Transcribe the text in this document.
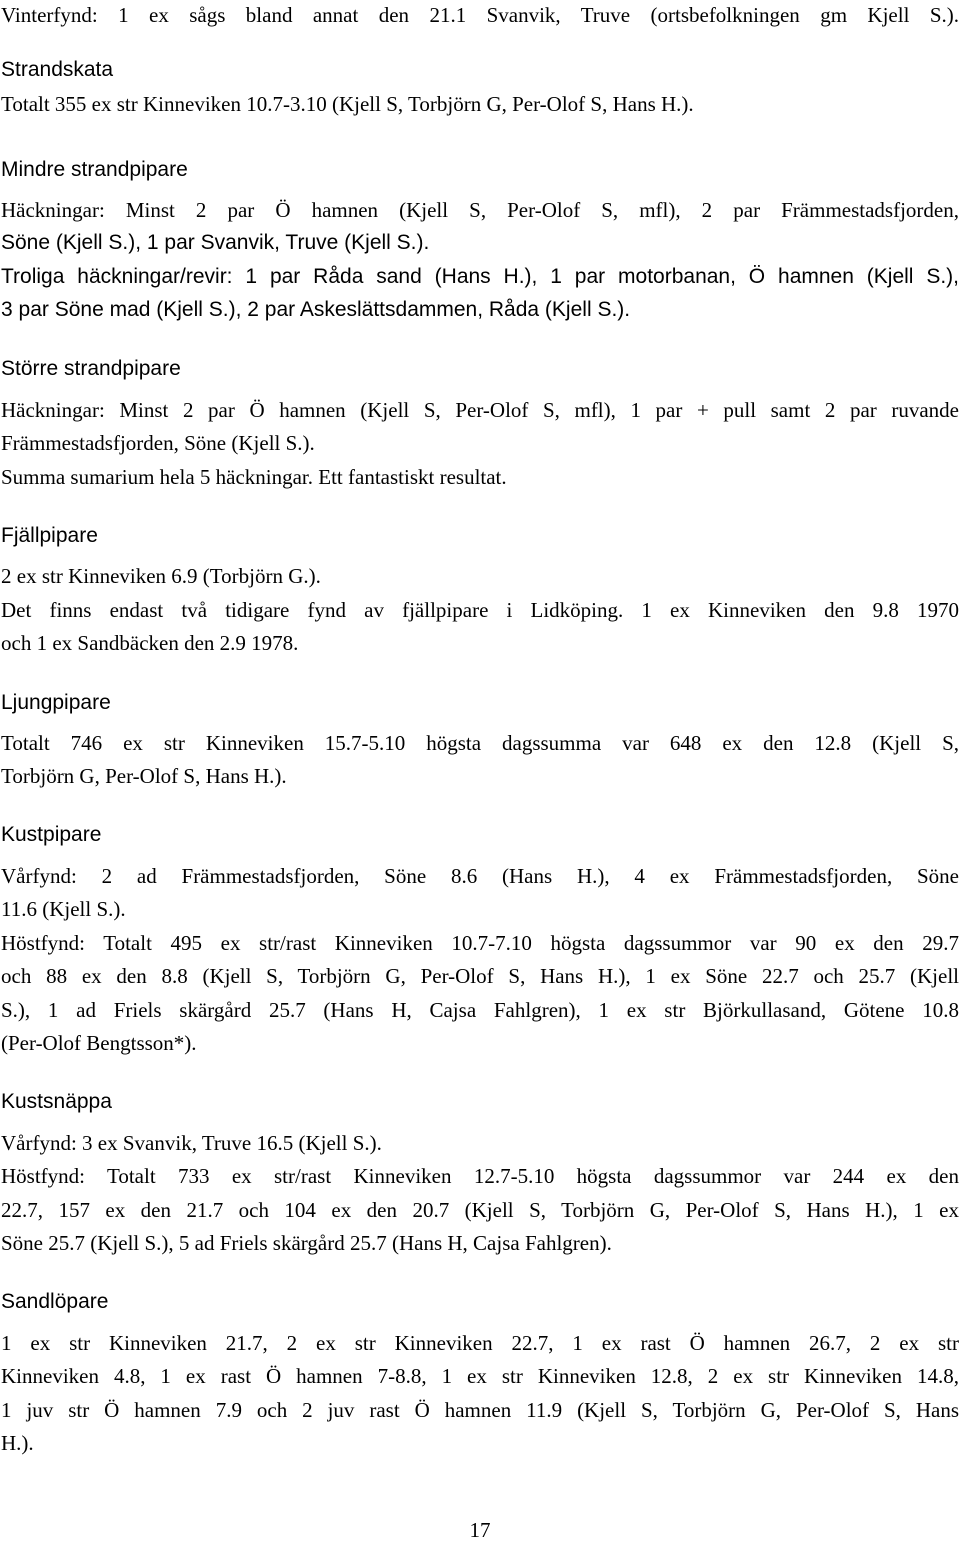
Vinterfynd: 1 ex sågs bland annat den 21.1 Svanvik, Truve (ortsbefolkningen gm Kjell S.).

Strandskata

Totalt 355 ex str Kinneviken 10.7-3.10 (Kjell S, Torbjörn G, Per-Olof S, Hans H.).

Mindre strandpipare

Häckningar: Minst 2 par Ö hamnen (Kjell S, Per-Olof S, mfl), 2 par Främmestadsfjorden,

Söne (Kjell S.), 1 par Svanvik, Truve (Kjell S.).

Troliga häckningar/revir: 1 par Råda sand (Hans H.), 1 par motorbanan, Ö hamnen (Kjell S.),

3 par Söne mad (Kjell S.), 2 par Askeslättsdammen, Råda (Kjell S.).

Större strandpipare

Häckningar: Minst 2 par Ö hamnen (Kjell S, Per-Olof S, mfl), 1 par + pull samt 2 par ruvande

Främmestadsfjorden, Söne (Kjell S.).

Summa sumarium hela 5 häckningar. Ett fantastiskt resultat.

Fjällpipare

2 ex str Kinneviken 6.9 (Torbjörn G.).

Det finns endast två tidigare fynd av fjällpipare i Lidköping. 1 ex Kinneviken den 9.8 1970

och 1 ex Sandbäcken den 2.9 1978.

Ljungpipare

Totalt 746 ex str Kinneviken 15.7-5.10 högsta dagssumma var 648 ex den 12.8 (Kjell S,

Torbjörn G, Per-Olof S, Hans H.).

Kustpipare

Vårfynd: 2 ad Främmestadsfjorden, Söne 8.6 (Hans H.), 4 ex Främmestadsfjorden, Söne

11.6 (Kjell S.).

Höstfynd: Totalt 495 ex str/rast Kinneviken 10.7-7.10 högsta dagssummor var 90 ex den 29.7

och 88 ex den 8.8 (Kjell S, Torbjörn G, Per-Olof S, Hans H.), 1 ex Söne 22.7 och 25.7 (Kjell

S.), 1 ad Friels skärgård 25.7 (Hans H, Cajsa Fahlgren), 1 ex str Björkullasand, Götene 10.8

(Per-Olof Bengtsson*).

Kustsnäppa

Vårfynd: 3 ex Svanvik, Truve 16.5 (Kjell S.).

Höstfynd: Totalt 733 ex str/rast Kinneviken 12.7-5.10 högsta dagssummor var 244 ex den

22.7, 157 ex den 21.7 och 104 ex den 20.7 (Kjell S, Torbjörn G, Per-Olof S, Hans H.), 1 ex

Söne 25.7 (Kjell S.), 5 ad Friels skärgård 25.7 (Hans H, Cajsa Fahlgren).

Sandlöpare

1 ex str Kinneviken 21.7, 2 ex str Kinneviken 22.7, 1 ex rast Ö hamnen 26.7, 2 ex str

Kinneviken 4.8, 1 ex rast Ö hamnen 7-8.8, 1 ex str Kinneviken 12.8, 2 ex str Kinneviken 14.8,

1 juv str Ö hamnen 7.9 och 2 juv rast Ö hamnen 11.9 (Kjell S, Torbjörn G, Per-Olof S, Hans

H.).

17
